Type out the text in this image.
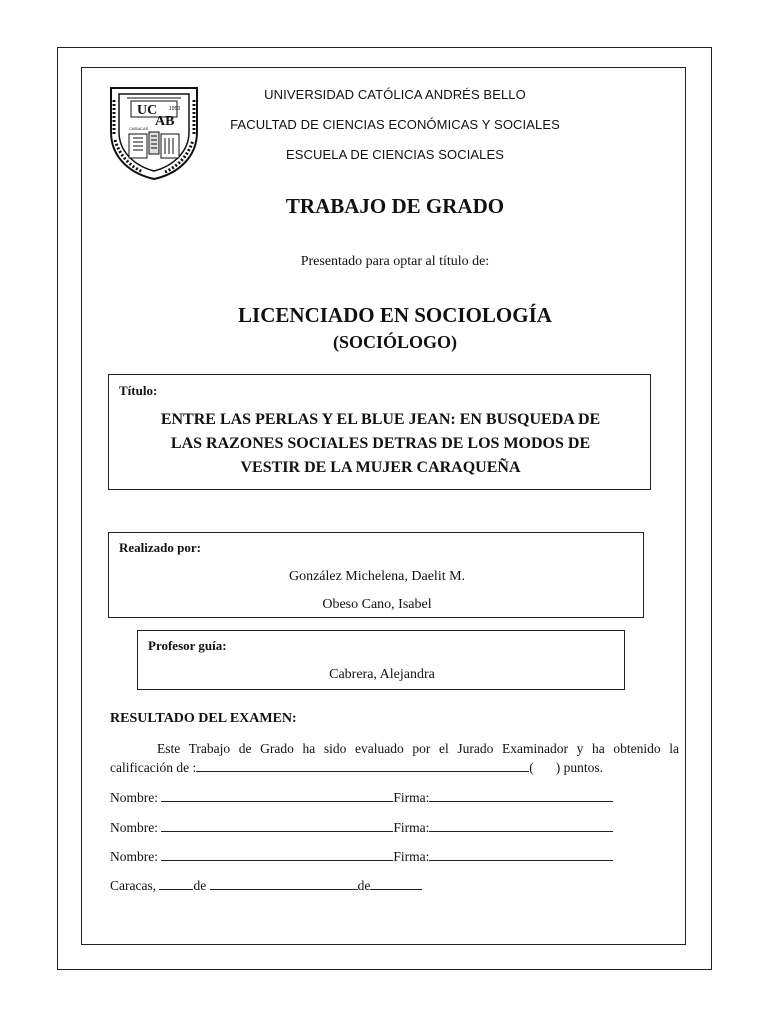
UC
AB
1953
CARACAS
UNIVERSIDAD CATÓLICA ANDRÉS BELLO
FACULTAD DE CIENCIAS ECONÓMICAS Y SOCIALES
ESCUELA DE CIENCIAS SOCIALES
TRABAJO DE GRADO
Presentado para optar al título de:
LICENCIADO EN SOCIOLOGÍA
(SOCIÓLOGO)
Título:
ENTRE LAS PERLAS Y EL BLUE JEAN: EN BUSQUEDA DE
LAS RAZONES SOCIALES DETRAS DE LOS MODOS DE
VESTIR DE LA MUJER CARAQUEÑA
Realizado por:
González Michelena, Daelit M.
Obeso Cano, Isabel
Profesor guía:
Cabrera, Alejandra
RESULTADO DEL EXAMEN:
Este Trabajo de Grado ha sido evaluado por el Jurado Examinador y ha obtenido la
calificación de :	( ) puntos.
Nombre:	Firma:
Nombre:	Firma:
Nombre:	Firma:
Caracas,	de	de
